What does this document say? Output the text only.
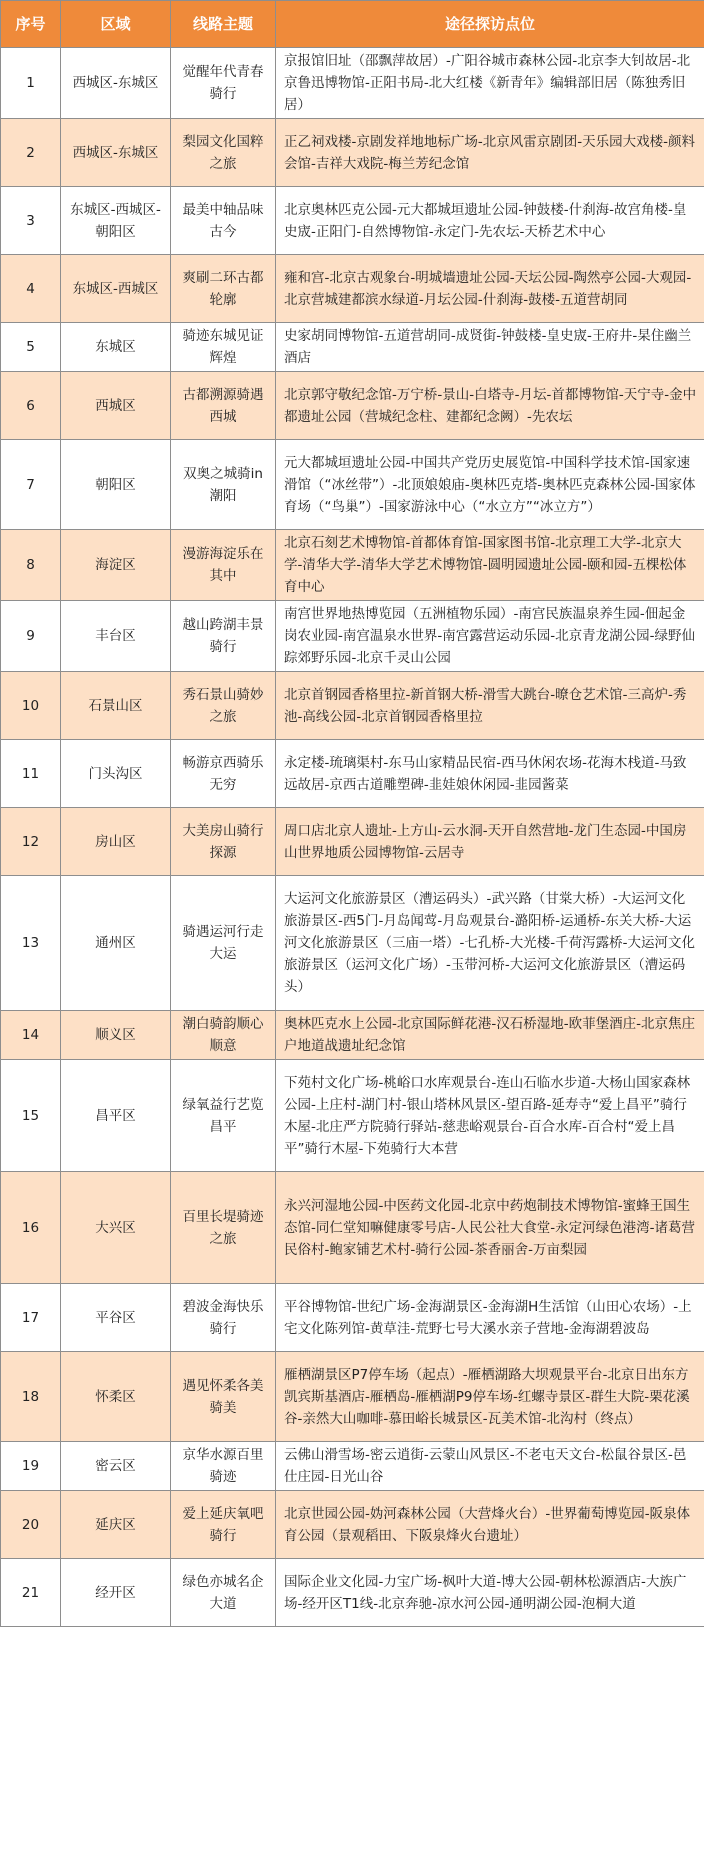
序号	区域	线路主题	途径探访点位
1	西城区-东城区	觉醒年代青春骑行	京报馆旧址（邵飘萍故居）-广阳谷城市森林公园-北京李大钊故居-北京鲁迅博物馆-正阳书局-北大红楼《新青年》编辑部旧居（陈独秀旧居）
2	西城区-东城区	梨园文化国粹之旅	正乙祠戏楼-京剧发祥地地标广场-北京风雷京剧团-天乐园大戏楼-颜料会馆-吉祥大戏院-梅兰芳纪念馆
3	东城区-西城区-朝阳区	最美中轴品味古今	北京奥林匹克公园-元大都城垣遗址公园-钟鼓楼-什刹海-故宫角楼-皇史宬-正阳门-自然博物馆-永定门-先农坛-天桥艺术中心
4	东城区-西城区	爽刷二环古都轮廓	雍和宫-北京古观象台-明城墙遗址公园-天坛公园-陶然亭公园-大观园-北京营城建都滨水绿道-月坛公园-什刹海-鼓楼-五道营胡同
5	东城区	骑迹东城见证辉煌	史家胡同博物馆-五道营胡同-成贤街-钟鼓楼-皇史宬-王府井-杲住幽兰酒店
6	西城区	古都溯源骑遇西城	北京郭守敬纪念馆-万宁桥-景山-白塔寺-月坛-首都博物馆-天宁寺-金中都遗址公园（营城纪念柱、建都纪念阙）-先农坛
7	朝阳区	双奥之城骑in潮阳	元大都城垣遗址公园-中国共产党历史展览馆-中国科学技术馆-国家速滑馆（“冰丝带”）-北顶娘娘庙-奥林匹克塔-奥林匹克森林公园-国家体育场（“鸟巢”）-国家游泳中心（“水立方”“冰立方”）
8	海淀区	漫游海淀乐在其中	北京石刻艺术博物馆-首都体育馆-国家图书馆-北京理工大学-北京大学-清华大学-清华大学艺术博物馆-圆明园遗址公园-颐和园-五棵松体育中心
9	丰台区	越山跨湖丰景骑行	南宫世界地热博览园（五洲植物乐园）-南宫民族温泉养生园-佃起金岗农业园-南宫温泉水世界-南宫露营运动乐园-北京青龙湖公园-绿野仙踪郊野乐园-北京千灵山公园
10	石景山区	秀石景山骑妙之旅	北京首钢园香格里拉-新首钢大桥-滑雪大跳台-暸仓艺术馆-三高炉-秀池-高线公园-北京首钢园香格里拉
11	门头沟区	畅游京西骑乐无穷	永定楼-琉璃渠村-东马山家精品民宿-西马休闲农场-花海木栈道-马致远故居-京西古道雕塑碑-韭娃娘休闲园-韭园酱菜
12	房山区	大美房山骑行探源	周口店北京人遗址-上方山-云水洞-天开自然营地-龙门生态园-中国房山世界地质公园博物馆-云居寺
13	通州区	骑遇运河行走大运	大运河文化旅游景区（漕运码头）-武兴路（甘棠大桥）-大运河文化旅游景区-西5门-月岛闻莺-月岛观景台-潞阳桥-运通桥-东关大桥-大运河文化旅游景区（三庙一塔）-七孔桥-大光楼-千荷泻露桥-大运河文化旅游景区（运河文化广场）-玉带河桥-大运河文化旅游景区（漕运码头）
14	顺义区	潮白骑韵顺心顺意	奥林匹克水上公园-北京国际鲜花港-汉石桥湿地-欧菲堡酒庄-北京焦庄户地道战遗址纪念馆
15	昌平区	绿氧益行艺览昌平	下苑村文化广场-桃峪口水库观景台-连山石临水步道-大杨山国家森林公园-上庄村-湖门村-银山塔林风景区-望百路-延寿寺“爱上昌平”骑行木屋-北庄严方院骑行驿站-慈悲峪观景台-百合水库-百合村“爱上昌平”骑行木屋-下苑骑行大本营
16	大兴区	百里长堤骑迹之旅	永兴河湿地公园-中医药文化园-北京中药炮制技术博物馆-蜜蜂王国生态馆-同仁堂知嘛健康零号店-人民公社大食堂-永定河绿色港湾-诸葛营民俗村-鲍家铺艺术村-骑行公园-茶香丽舍-万亩梨园
17	平谷区	碧波金海快乐骑行	平谷博物馆-世纪广场-金海湖景区-金海湖H生活馆（山田心农场）-上宅文化陈列馆-黄草洼-荒野七号大溪水亲子营地-金海湖碧波岛
18	怀柔区	遇见怀柔各美骑美	雁栖湖景区P7停车场（起点）-雁栖湖路大坝观景平台-北京日出东方凯宾斯基酒店-雁栖岛-雁栖湖P9停车场-红螺寺景区-群生大院-栗花溪谷-亲然大山咖啡-慕田峪长城景区-瓦美术馆-北沟村（终点）
19	密云区	京华水源百里骑迹	云佛山滑雪场-密云逍街-云蒙山风景区-不老屯天文台-松鼠谷景区-邑仕庄园-日光山谷
20	延庆区	爱上延庆氧吧骑行	北京世园公园-妫河森林公园（大营烽火台）-世界葡萄博览园-阪泉体育公园（景观稻田、下阪泉烽火台遗址）
21	经开区	绿色亦城名企大道	国际企业文化园-力宝广场-枫叶大道-博大公园-朝林松源酒店-大族广场-经开区T1线-北京奔驰-凉水河公园-通明湖公园-泡桐大道
